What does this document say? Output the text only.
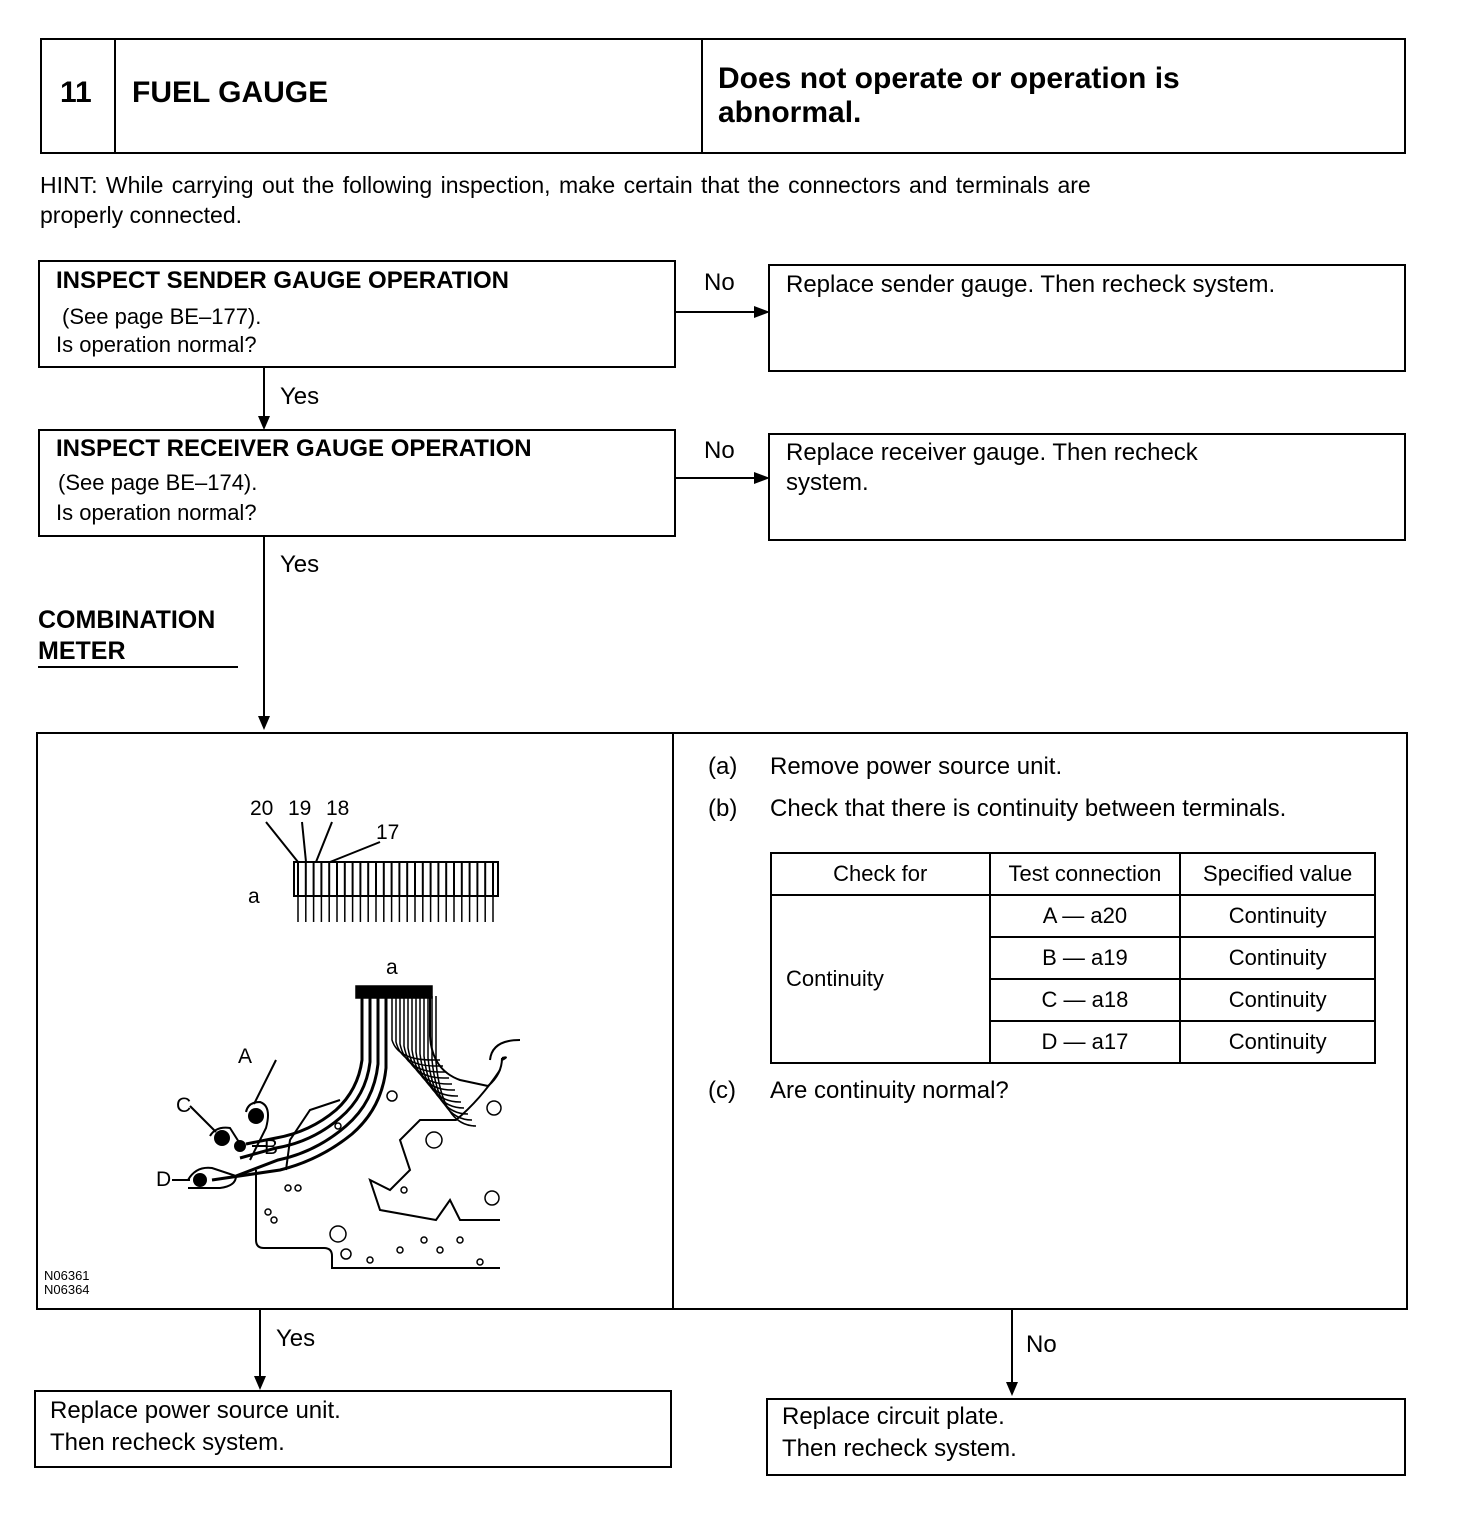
11 FUEL GAUGE	Does not operate or operation is
abnormal.
HINT: While carrying out the following inspection, make certain that the connectors and terminals are
properly connected.
INSPECT SENDER GAUGE OPERATION
(See page BE–177).
Is operation normal?
No Replace sender gauge. Then recheck system.
Yes
INSPECT RECEIVER GAUGE OPERATION
(See page BE–174).
Is operation normal?
No Replace receiver gauge. Then recheck
system.
Yes
COMBINATION
METER
20 19 18
17
a
a
A
B
C
D
N06361
N06364
(a) Remove power source unit.
(b) Check that there is continuity between terminals.
Check for	Test connection	Specified value
Continuity	A — a20	Continuity
	B — a19	Continuity
	C — a18	Continuity
	D — a17	Continuity
(c) Are continuity normal?
Yes	No
Replace power source unit.
Then recheck system.
Replace circuit plate.
Then recheck system.
